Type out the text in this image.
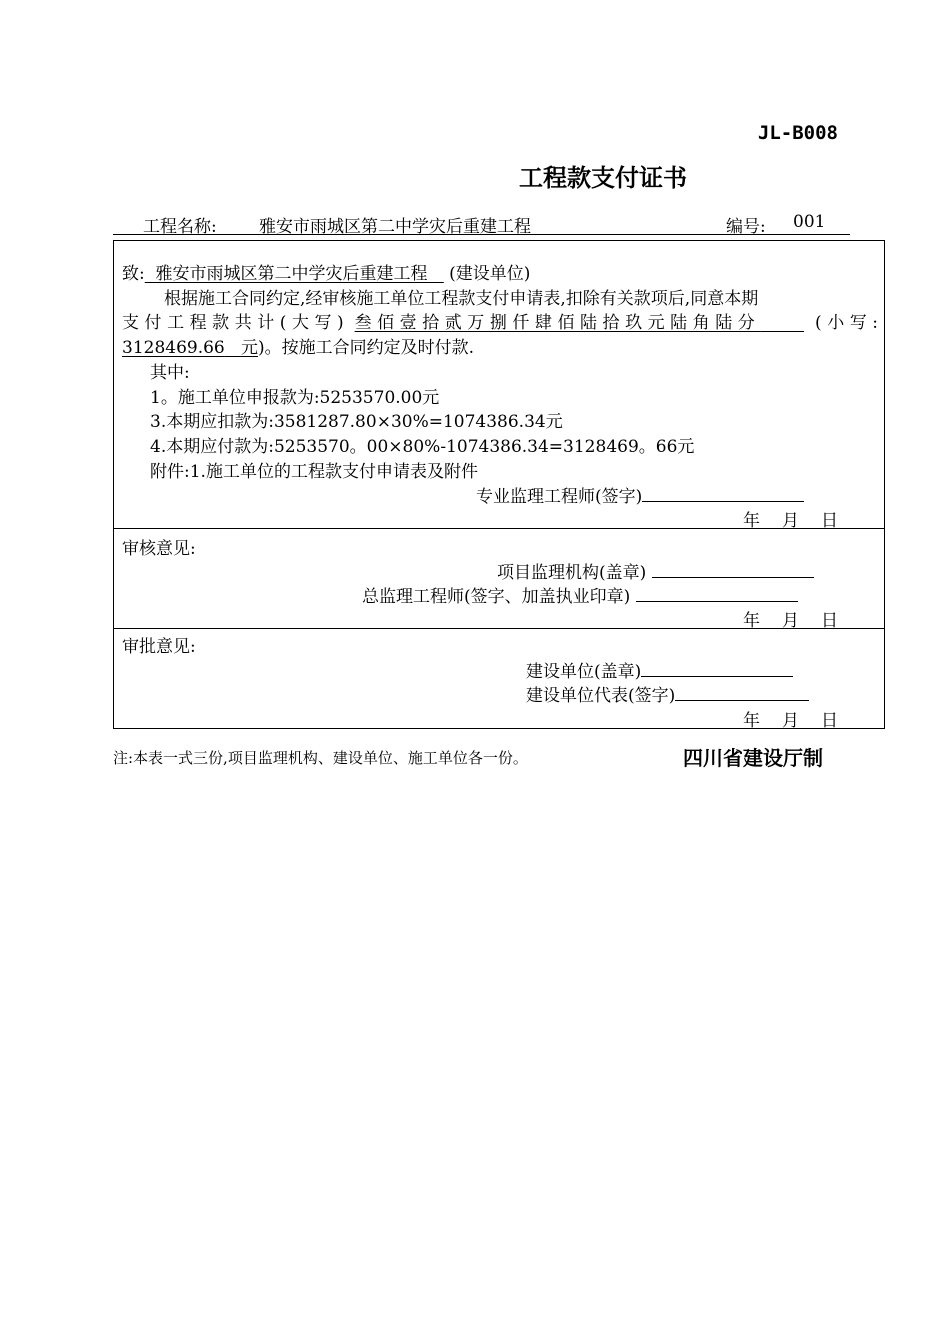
JL-B008
工程款支付证书
工程名称: 雅安市雨城区第二中学灾后重建工程	编号: 001
致: 雅安市雨城区第二中学灾后重建工程 (建设单位)
根据施工合同约定,经审核施工单位工程款支付申请表,扣除有关款项后,同意本期
支付工程款共计(大写) 叁佰壹拾贰万捌仟肆佰陆拾玖元陆角陆分	(小写:
3128469.66 元)。按施工合同约定及时付款.
其中:
1。施工单位申报款为:5253570.00元
3.本期应扣款为:3581287.80×30%=1074386.34元
4.本期应付款为:5253570。00×80%-1074386.34=3128469。66元
附件:1.施工单位的工程款支付申请表及附件
专业监理工程师(签字)
年 月 日
审核意见:
项目监理机构(盖章)
总监理工程师(签字、加盖执业印章)
年 月 日
审批意见:
建设单位(盖章)
建设单位代表(签字)
年 月 日
注:本表一式三份,项目监理机构、建设单位、施工单位各一份。	四川省建设厅制
